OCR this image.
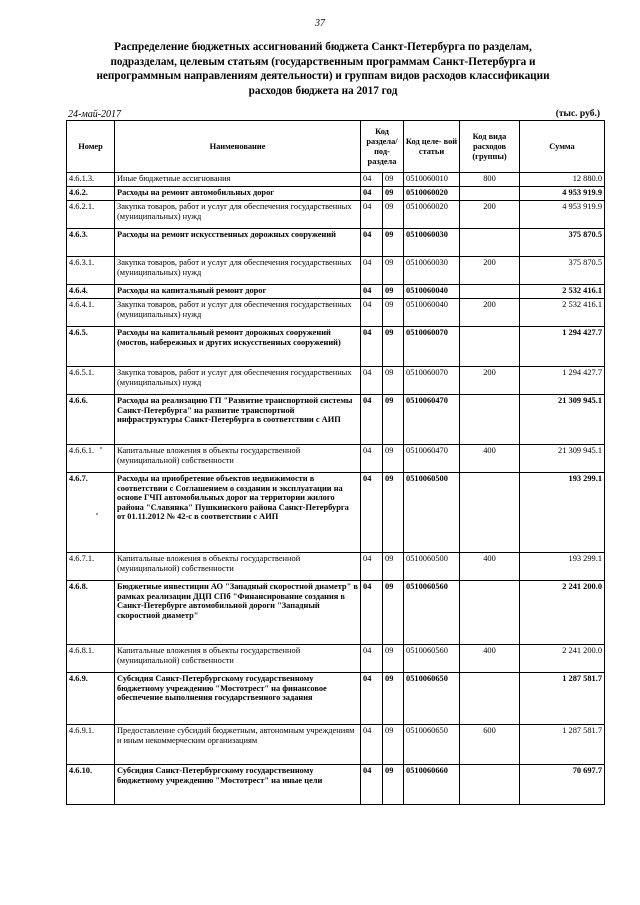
37
Распределение бюджетных ассигнований бюджета Санкт-Петербурга по разделам, подразделам, целевым статьям (государственным программам Санкт-Петербурга и непрограммным направлениям деятельности) и группам видов расходов классификации расходов бюджета на 2017 год
24-май-2017	(тыс. руб.)
Номер	Наименование	Код раздела/ под- раздела		Код целе- вой статьи	Код вида расходов (группы)	Сумма
4.6.1.3.	Иные бюджетные ассигнования	04	09	0510060010	800	12 880.0
4.6.2.	Расходы на ремонт автомобильных дорог	04	09	0510060020		4 953 919.9
4.6.2.1.	Закупка товаров, работ и услуг для обеспечения государственных (муниципальных) нужд	04	09	0510060020	200	4 953 919.9
4.6.3.	Расходы на ремонт искусственных дорожных сооружений	04	09	0510060030		375 870.5
4.6.3.1.	Закупка товаров, работ и услуг для обеспечения государственных (муниципальных) нужд	04	09	0510060030	200	375 870.5
4.6.4.	Расходы на капитальный ремонт дорог	04	09	0510060040		2 532 416.1
4.6.4.1.	Закупка товаров, работ и услуг для обеспечения государственных (муниципальных) нужд	04	09	0510060040	200	2 532 416.1
4.6.5.	Расходы на капитальный ремонт дорожных сооружений (мостов, набережных и других искусственных сооружений)	04	09	0510060070		1 294 427.7
4.6.5.1.	Закупка товаров, работ и услуг для обеспечения государственных (муниципальных) нужд	04	09	0510060070	200	1 294 427.7
4.6.6.	Расходы на реализацию ГП "Развитие транспортной системы Санкт-Петербурга" на развитие транспортной инфраструктуры Санкт-Петербурга в соответствии с АИП	04	09	0510060470		21 309 945.1
4.6.6.1.	Капитальные вложения в объекты государственной (муниципальной) собственности	04	09	0510060470	400	21 309 945.1
4.6.7.	Расходы на приобретение объектов недвижимости в соответствии с Соглашением о создании и эксплуатации на основе ГЧП автомобильных дорог на территории жилого района "Славянка" Пушкинского района Санкт-Петербурга от 01.11.2012 № 42-с в соответствии с АИП	04	09	0510060500		193 299.1
4.6.7.1.	Капитальные вложения в объекты государственной (муниципальной) собственности	04	09	0510060500	400	193 299.1
4.6.8.	Бюджетные инвестиции АО "Западный скоростной диаметр" в рамках реализации ДЦП СПб "Финансирование создания в Санкт-Петербурге автомобильной дороги "Западный скоростной диаметр"	04	09	0510060560		2 241 200.0
4.6.8.1.	Капитальные вложения в объекты государственной (муниципальной) собственности	04	09	0510060560	400	2 241 200.0
4.6.9.	Субсидия Санкт-Петербургскому государственному бюджетному учреждению "Мостотрест" на финансовое обеспечение выполнения государственного задания	04	09	0510060650		1 287 581.7
4.6.9.1.	Предоставление субсидий бюджетным, автономным учреждениям и иным некоммерческим организациям	04	09	0510060650	600	1 287 581.7
4.6.10.	Субсидия Санкт-Петербургскому государственному бюджетному учреждению "Мостотрест" на иные цели	04	09	0510060660		70 697.7
